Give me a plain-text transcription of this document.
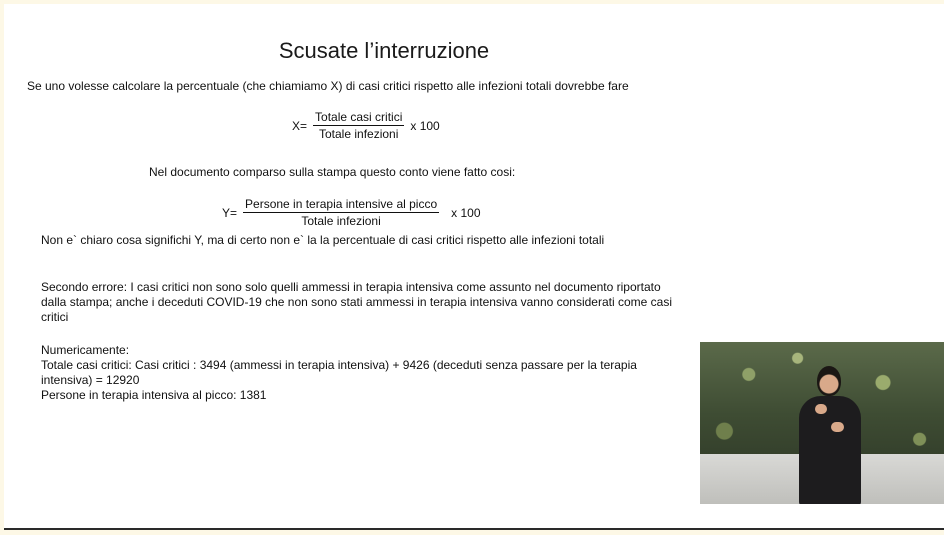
Scusate l’interruzione
Se uno volesse calcolare la percentuale (che chiamiamo X) di casi critici rispetto alle infezioni totali dovrebbe fare
$X= \frac{\text{Totale casi critici}}{\text{Totale infezioni}}$ x 100
Nel documento comparso sulla stampa questo conto viene fatto cosi:
$Y= \frac{\text{Persone in terapia intensive al picco}}{\text{Totale infezioni}}$ x 100
Non e` chiaro cosa significhi Y, ma di certo non e` la la percentuale di casi critici rispetto alle infezioni totali
Secondo errore: I casi critici non sono solo quelli ammessi in terapia intensiva come assunto nel documento riportato dalla stampa; anche i deceduti COVID-19 che non sono stati ammessi in terapia intensiva vanno considerati come casi critici
Numericamente:
Totale casi critici: Casi critici : 3494 (ammessi in terapia intensiva) + 9426 (deceduti senza passare per la terapia intensiva) = 12920
Persone in terapia intensiva al picco: 1381
